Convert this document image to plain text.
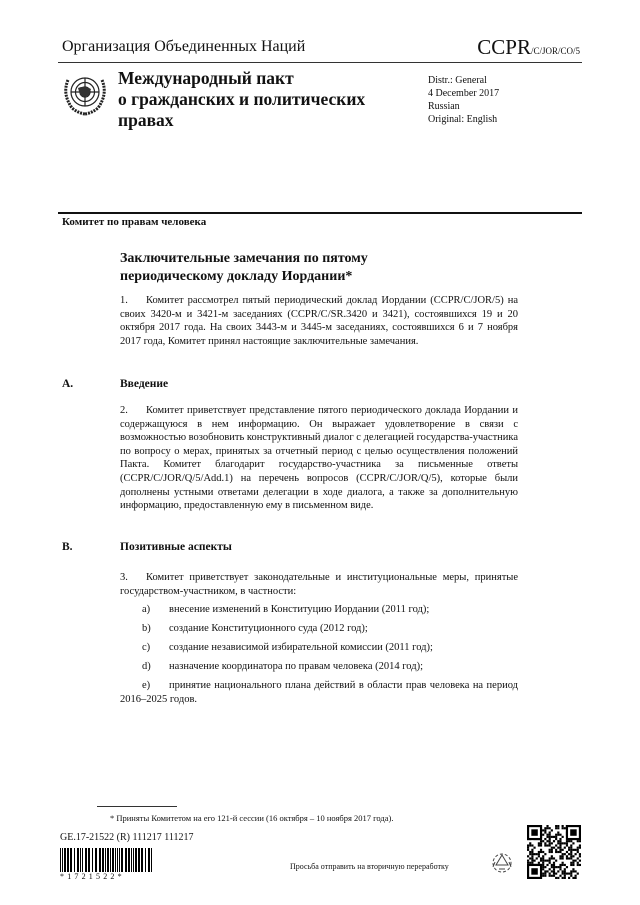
Организация Объединенных Наций	CCPR/C/JOR/CO/5
Международный пакт
о гражданских и политических
правах
Distr.: General
4 December 2017
Russian
Original: English
Комитет по правам человека
Заключительные замечания по пятому
периодическому докладу Иордании*
1. Комитет рассмотрел пятый периодический доклад Иордании (CCPR/C/JOR/5) на своих 3420-м и 3421-м заседаниях (CCPR/C/SR.3420 и 3421), состоявшихся 19 и 20 октября 2017 года. На своих 3443-м и 3445-м заседаниях, состоявшихся 6 и 7 ноября 2017 года, Комитет принял настоящие заключительные замечания.
A.	Введение
2. Комитет приветствует представление пятого периодического доклада Иордании и содержащуюся в нем информацию. Он выражает удовлетворение в связи с возможностью возобновить конструктивный диалог с делегацией государства-участника по вопросу о мерах, принятых за отчетный период с целью осуществления положений Пакта. Комитет благодарит государство-участника за письменные ответы (CCPR/C/JOR/Q/5/Add.1) на перечень вопросов (CCPR/C/JOR/Q/5), которые были дополнены устными ответами делегации в ходе диалога, а также за дополнительную информацию, предоставленную ему в письменном виде.
B.	Позитивные аспекты
3. Комитет приветствует законодательные и институциональные меры, принятые государством-участником, в частности:
a) внесение изменений в Конституцию Иордании (2011 год);
b) создание Конституционного суда (2012 год);
c) создание независимой избирательной комиссии (2011 год);
d) назначение координатора по правам человека (2014 год);
e) принятие национального плана действий в области прав человека на период 2016–2025 годов.
* Приняты Комитетом на его 121-й сессии (16 октября – 10 ноября 2017 года).
GE.17-21522 (R) 111217 111217
*1721522*
Просьба отправить на вторичную переработку
